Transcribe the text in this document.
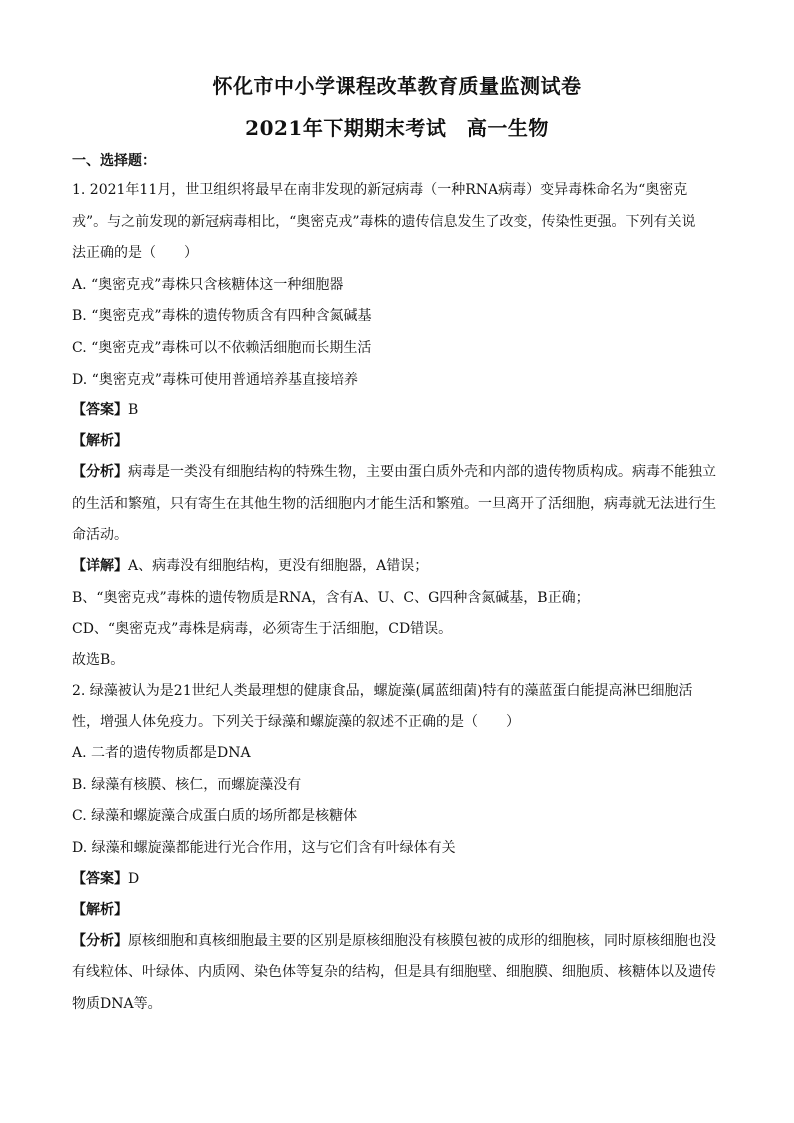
怀化市中小学课程改革教育质量监测试卷
2021年下期期末考试　高一生物
一、选择题：
1. 2021年11月，世卫组织将最早在南非发现的新冠病毒（一种RNA病毒）变异毒株命名为“奥密克
戎”。与之前发现的新冠病毒相比，“奥密克戎”毒株的遗传信息发生了改变，传染性更强。下列有关说
法正确的是（　　）
A. “奥密克戎”毒株只含核糖体这一种细胞器
B. “奥密克戎”毒株的遗传物质含有四种含氮碱基
C. “奥密克戎”毒株可以不依赖活细胞而长期生活
D. “奥密克戎”毒株可使用普通培养基直接培养
【答案】B
【解析】
【分析】病毒是一类没有细胞结构的特殊生物，主要由蛋白质外壳和内部的遗传物质构成。病毒不能独立
的生活和繁殖，只有寄生在其他生物的活细胞内才能生活和繁殖。一旦离开了活细胞，病毒就无法进行生
命活动。
【详解】A、病毒没有细胞结构，更没有细胞器，A错误；
B、“奥密克戎”毒株的遗传物质是RNA，含有A、U、C、G四种含氮碱基，B正确；
CD、“奥密克戎”毒株是病毒，必须寄生于活细胞，CD错误。
故选B。
2. 绿藻被认为是21世纪人类最理想的健康食品，螺旋藻(属蓝细菌)特有的藻蓝蛋白能提高淋巴细胞活
性，增强人体免疫力。下列关于绿藻和螺旋藻的叙述不正确的是（　　）
A. 二者的遗传物质都是DNA
B. 绿藻有核膜、核仁，而螺旋藻没有
C. 绿藻和螺旋藻合成蛋白质的场所都是核糖体
D. 绿藻和螺旋藻都能进行光合作用，这与它们含有叶绿体有关
【答案】D
【解析】
【分析】原核细胞和真核细胞最主要的区别是原核细胞没有核膜包被的成形的细胞核，同时原核细胞也没
有线粒体、叶绿体、内质网、染色体等复杂的结构，但是具有细胞壁、细胞膜、细胞质、核糖体以及遗传
物质DNA等。
